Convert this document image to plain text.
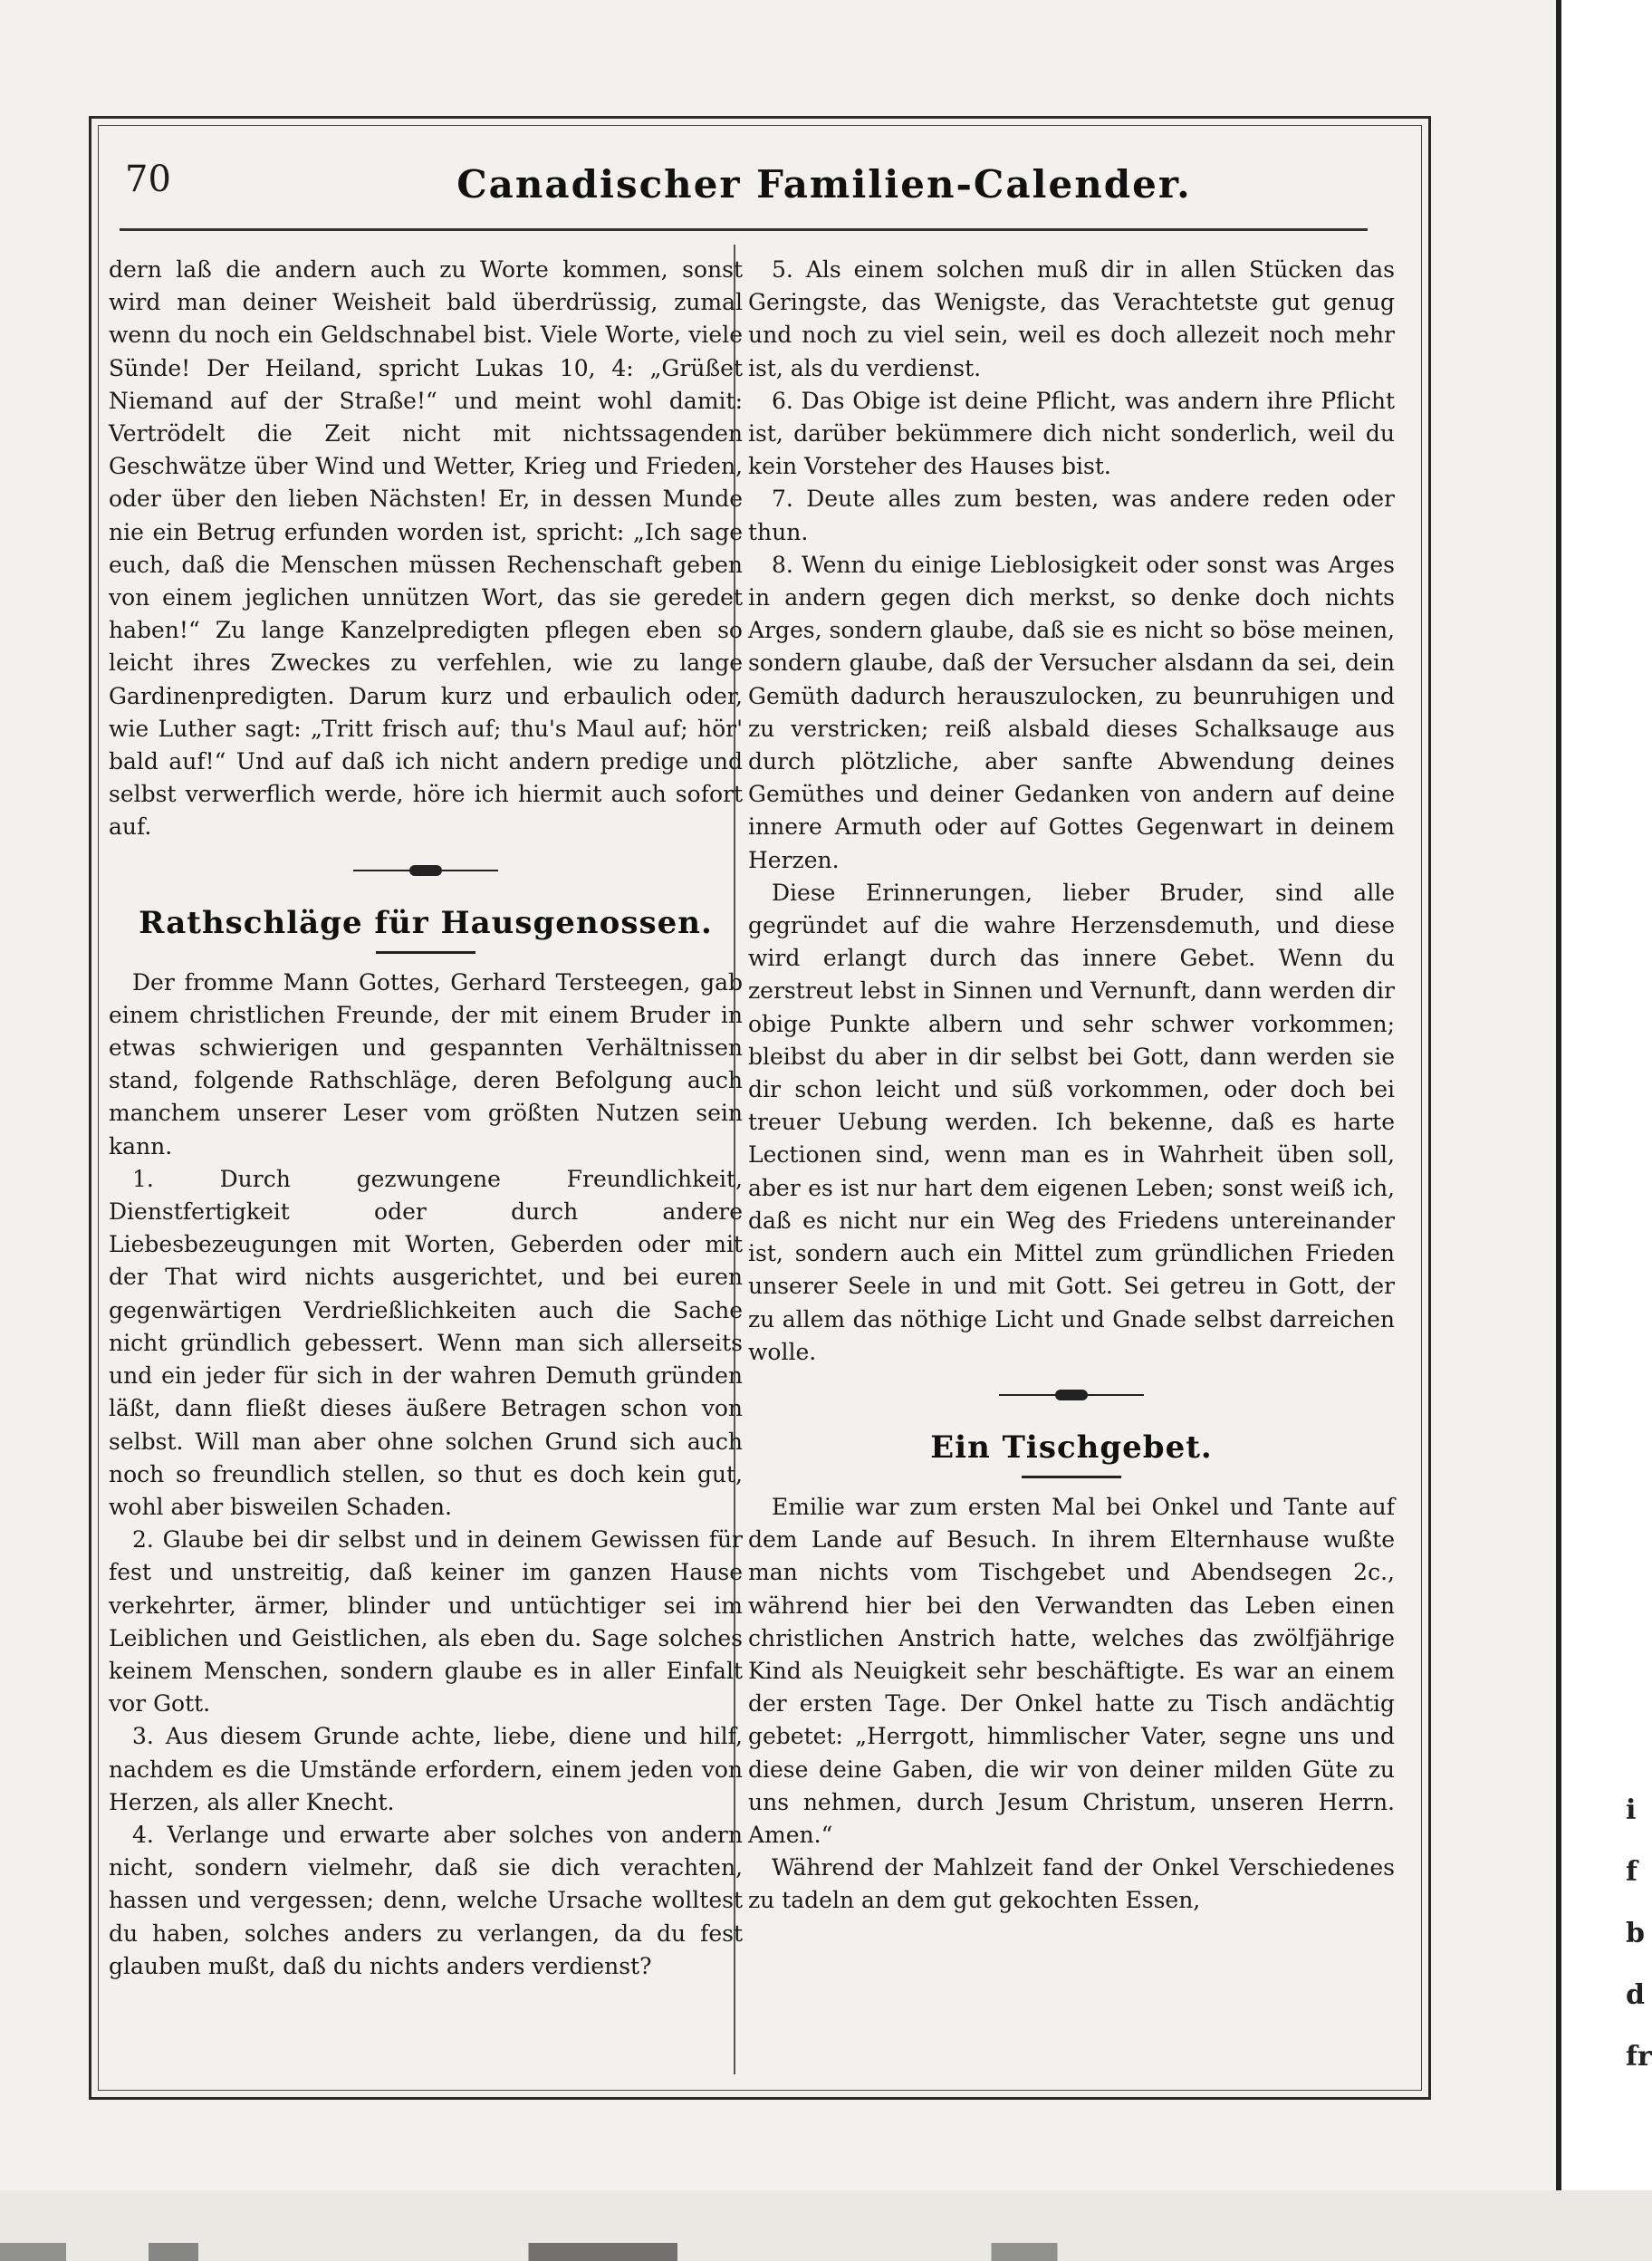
i
f
b
d
fr
70	Canadischer Familien-Calender.

dern laß die andern auch zu Worte kommen, sonst wird man deiner Weisheit bald überdrüssig, zumal wenn du noch ein Geldschnabel bist. Viele Worte, viele Sünde! Der Heiland, spricht Lukas 10, 4: „Grüßet Niemand auf der Straße!“ und meint wohl damit: Vertrödelt die Zeit nicht mit nichtssagenden Geschwätze über Wind und Wetter, Krieg und Frieden, oder über den lieben Nächsten! Er, in dessen Munde nie ein Betrug erfunden worden ist, spricht: „Ich sage euch, daß die Menschen müssen Rechenschaft geben von einem jeglichen unnützen Wort, das sie geredet haben!“ Zu lange Kanzelpredigten pflegen eben so leicht ihres Zweckes zu verfehlen, wie zu lange Gardinenpredigten. Darum kurz und erbaulich oder, wie Luther sagt: „Tritt frisch auf; thu's Maul auf; hör' bald auf!“ Und auf daß ich nicht andern predige und selbst verwerflich werde, höre ich hiermit auch sofort auf.

Rathschläge für Hausgenossen.

Der fromme Mann Gottes, Gerhard Tersteegen, gab einem christlichen Freunde, der mit einem Bruder in etwas schwierigen und gespannten Verhältnissen stand, folgende Rathschläge, deren Befolgung auch manchem unserer Leser vom größten Nutzen sein kann.

1. Durch gezwungene Freundlichkeit, Dienstfertigkeit oder durch andere Liebesbezeugungen mit Worten, Geberden oder mit der That wird nichts ausgerichtet, und bei euren gegenwärtigen Verdrießlichkeiten auch die Sache nicht gründlich gebessert. Wenn man sich allerseits und ein jeder für sich in der wahren Demuth gründen läßt, dann fließt dieses äußere Betragen schon von selbst. Will man aber ohne solchen Grund sich auch noch so freundlich stellen, so thut es doch kein gut, wohl aber bisweilen Schaden.

2. Glaube bei dir selbst und in deinem Gewissen für fest und unstreitig, daß keiner im ganzen Hause verkehrter, ärmer, blinder und untüchtiger sei im Leiblichen und Geistlichen, als eben du. Sage solches keinem Menschen, sondern glaube es in aller Einfalt vor Gott.

3. Aus diesem Grunde achte, liebe, diene und hilf, nachdem es die Umstände erfordern, einem jeden von Herzen, als aller Knecht.

4. Verlange und erwarte aber solches von andern nicht, sondern vielmehr, daß sie dich verachten, hassen und vergessen; denn, welche Ursache wolltest du haben, solches anders zu verlangen, da du fest glauben mußt, daß du nichts anders verdienst?

5. Als einem solchen muß dir in allen Stücken das Geringste, das Wenigste, das Verachtetste gut genug und noch zu viel sein, weil es doch allezeit noch mehr ist, als du verdienst.

6. Das Obige ist deine Pflicht, was andern ihre Pflicht ist, darüber bekümmere dich nicht sonderlich, weil du kein Vorsteher des Hauses bist.

7. Deute alles zum besten, was andere reden oder thun.

8. Wenn du einige Lieblosigkeit oder sonst was Arges in andern gegen dich merkst, so denke doch nichts Arges, sondern glaube, daß sie es nicht so böse meinen, sondern glaube, daß der Versucher alsdann da sei, dein Gemüth dadurch herauszulocken, zu beunruhigen und zu verstricken; reiß alsbald dieses Schalksauge aus durch plötzliche, aber sanfte Abwendung deines Gemüthes und deiner Gedanken von andern auf deine innere Armuth oder auf Gottes Gegenwart in deinem Herzen.

Diese Erinnerungen, lieber Bruder, sind alle gegründet auf die wahre Herzensdemuth, und diese wird erlangt durch das innere Gebet. Wenn du zerstreut lebst in Sinnen und Vernunft, dann werden dir obige Punkte albern und sehr schwer vorkommen; bleibst du aber in dir selbst bei Gott, dann werden sie dir schon leicht und süß vorkommen, oder doch bei treuer Uebung werden. Ich bekenne, daß es harte Lectionen sind, wenn man es in Wahrheit üben soll, aber es ist nur hart dem eigenen Leben; sonst weiß ich, daß es nicht nur ein Weg des Friedens untereinander ist, sondern auch ein Mittel zum gründlichen Frieden unserer Seele in und mit Gott. Sei getreu in Gott, der zu allem das nöthige Licht und Gnade selbst darreichen wolle.

Ein Tischgebet.

Emilie war zum ersten Mal bei Onkel und Tante auf dem Lande auf Besuch. In ihrem Elternhause wußte man nichts vom Tischgebet und Abendsegen 2c., während hier bei den Verwandten das Leben einen christlichen Anstrich hatte, welches das zwölfjährige Kind als Neuigkeit sehr beschäftigte. Es war an einem der ersten Tage. Der Onkel hatte zu Tisch andächtig gebetet: „Herrgott, himmlischer Vater, segne uns und diese deine Gaben, die wir von deiner milden Güte zu uns nehmen, durch Jesum Christum, unseren Herrn. Amen.“

Während der Mahlzeit fand der Onkel Verschiedenes zu tadeln an dem gut gekochten Essen,
